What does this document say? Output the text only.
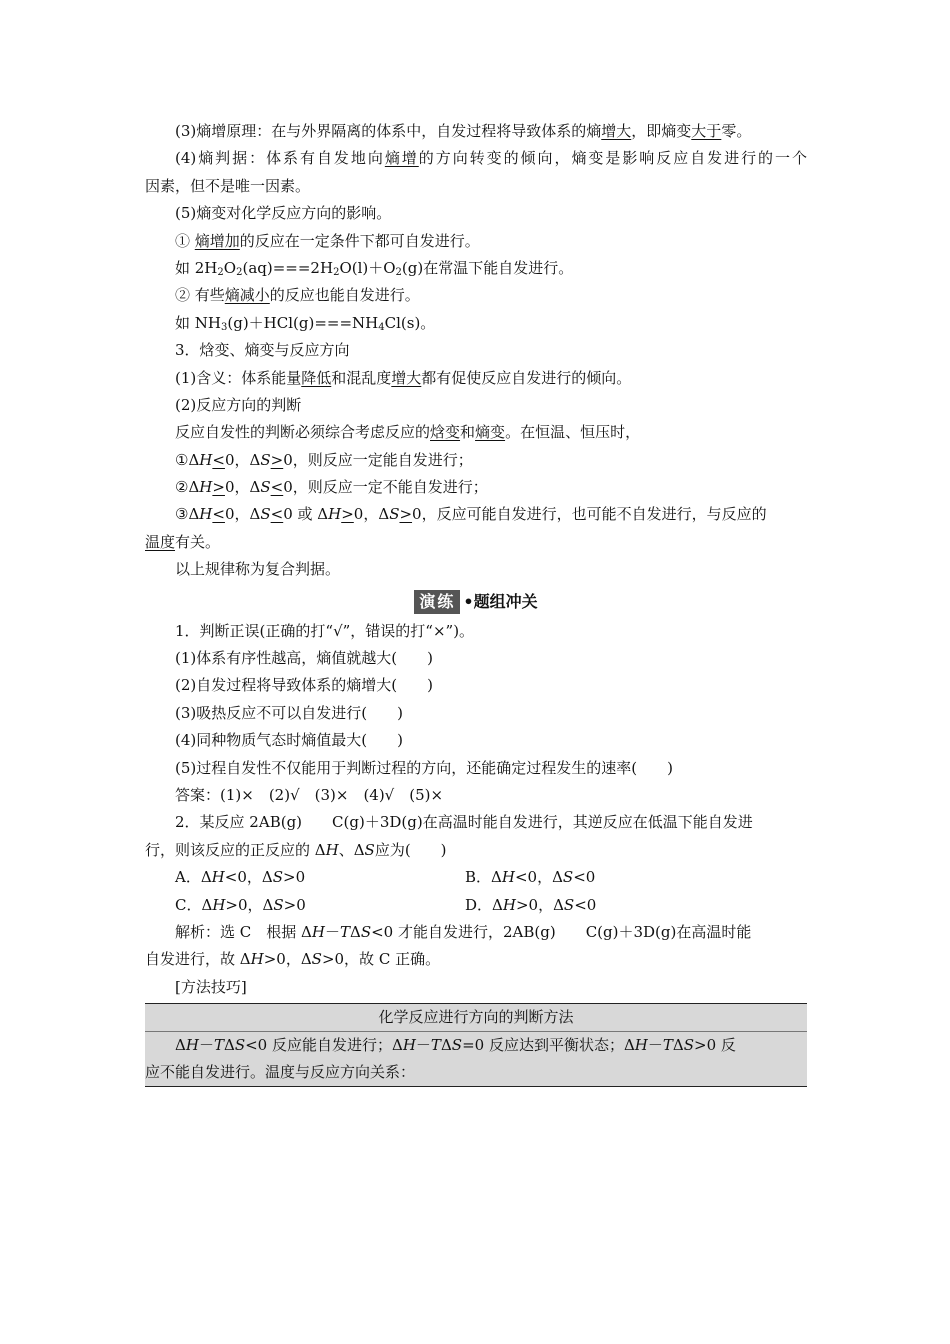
(3)熵增原理：在与外界隔离的体系中，自发过程将导致体系的熵增大，即熵变大于零。
(4)熵判据：体系有自发地向熵增的方向转变的倾向，熵变是影响反应自发进行的一个
因素，但不是唯一因素。
(5)熵变对化学反应方向的影响。
① 熵增加的反应在一定条件下都可自发进行。
如 $2H_2O_2(aq)===2H_2O(l)+O_2(g)$在常温下能自发进行。
② 有些熵减小的反应也能自发进行。
如 $NH_3(g)+HCl(g)===NH_4Cl(s)$。
3．焓变、熵变与反应方向
(1)含义：体系能量降低和混乱度增大都有促使反应自发进行的倾向。
(2)反应方向的判断
反应自发性的判断必须综合考虑反应的焓变和熵变。在恒温、恒压时，
①ΔH<0，ΔS>0，则反应一定能自发进行；
②ΔH>0，ΔS<0，则反应一定不能自发进行；
③ΔH<0，ΔS<0 或 ΔH>0，ΔS>0，反应可能自发进行，也可能不自发进行，与反应的
温度有关。
以上规律称为复合判据。
演练 •题组冲关
1．判断正误(正确的打“√”，错误的打“×”)。
(1)体系有序性越高，熵值就越大(　　)
(2)自发过程将导致体系的熵增大(　　)
(3)吸热反应不可以自发进行(　　)
(4)同种物质气态时熵值最大(　　)
(5)过程自发性不仅能用于判断过程的方向，还能确定过程发生的速率(　　)
答案：(1)×　(2)√　(3)×　(4)√　(5)×
2．某反应 2AB(g) C(g)＋3D(g)在高温时能自发进行，其逆反应在低温下能自发进
行，则该反应的正反应的 ΔH、ΔS应为(　　)
A．ΔH<0，ΔS>0	B．ΔH<0，ΔS<0
C．ΔH>0，ΔS>0	D．ΔH>0，ΔS<0
解析：选 C　根据 ΔH－TΔS<0 才能自发进行，2AB(g) C(g)＋3D(g)在高温时能
自发进行，故 ΔH>0，ΔS>0，故 C 正确。
[方法技巧]
化学反应进行方向的判断方法
ΔH－TΔS<0 反应能自发进行；ΔH－TΔS=0 反应达到平衡状态；ΔH－TΔS>0 反
应不能自发进行。温度与反应方向关系：
